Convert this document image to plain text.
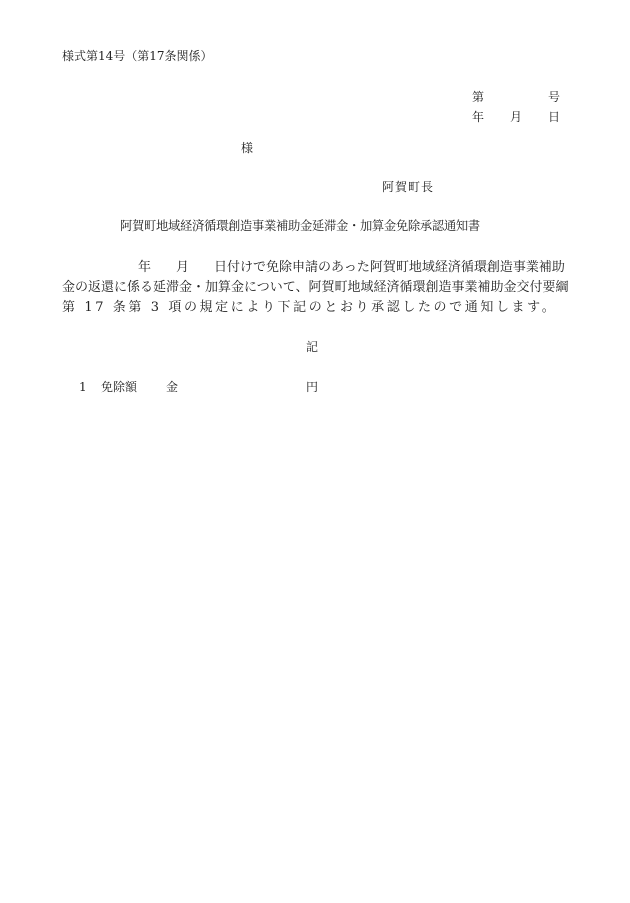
様式第14号（第17条関係）
第	号
年 月 日
様
阿賀町長
阿賀町地域経済循環創造事業補助金延滞金・加算金免除承認通知書
年 月 日付けで免除申請のあった阿賀町地域経済循環創造事業補助
金の返還に係る延滞金・加算金について、阿賀町地域経済循環創造事業補助金交付要綱
第 17 条第 3 項の規定により下記のとおり承認したので通知します。
記
1 免除額 金	円
